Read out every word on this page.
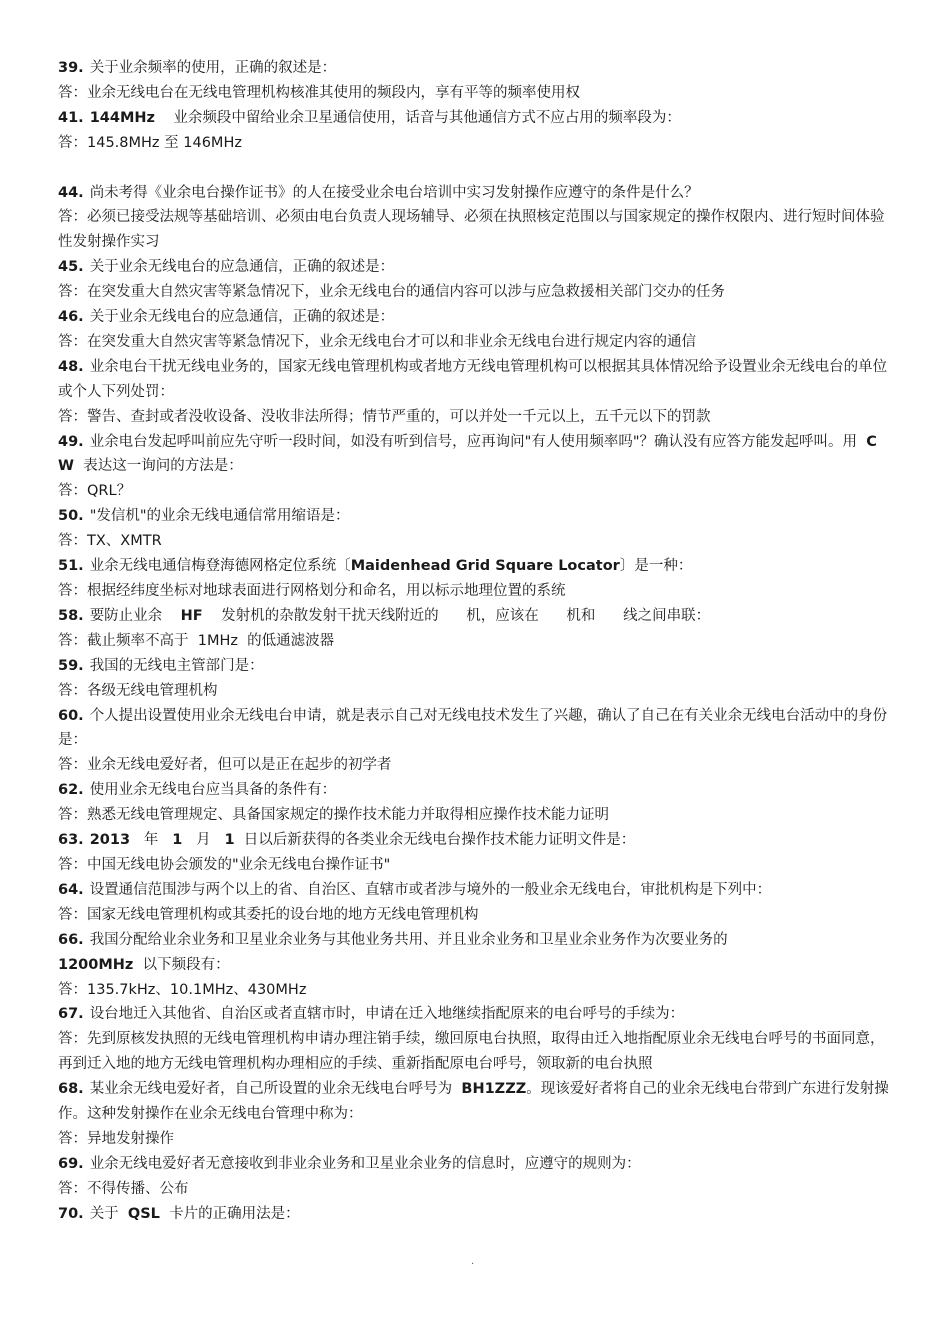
39. 关于业余频率的使用，正确的叙述是：
答：业余无线电台在无线电管理机构核准其使用的频段内，享有平等的频率使用权
41. 144MHz 业余频段中留给业余卫星通信使用，话音与其他通信方式不应占用的频率段为：
答：145.8MHz 至 146MHz
44. 尚未考得《业余电台操作证书》的人在接受业余电台培训中实习发射操作应遵守的条件是什么？
答：必须已接受法规等基础培训、必须由电台负责人现场辅导、必须在执照核定范围以与国家规定的操作权限内、进行短时间体验性发射操作实习
45. 关于业余无线电台的应急通信，正确的叙述是：
答：在突发重大自然灾害等紧急情况下，业余无线电台的通信内容可以涉与应急救援相关部门交办的任务
46. 关于业余无线电台的应急通信，正确的叙述是：
答：在突发重大自然灾害等紧急情况下，业余无线电台才可以和非业余无线电台进行规定内容的通信
48. 业余电台干扰无线电业务的，国家无线电管理机构或者地方无线电管理机构可以根据其具体情况给予设置业余无线电台的单位或个人下列处罚：
答：警告、查封或者没收设备、没收非法所得；情节严重的，可以并处一千元以上，五千元以下的罚款
49. 业余电台发起呼叫前应先守听一段时间，如没有听到信号，应再询问"有人使用频率吗"？确认没有应答方能发起呼叫。用 CW 表达这一询问的方法是：
答：QRL？
50. "发信机"的业余无线电通信常用缩语是：
答：TX、XMTR
51. 业余无线电通信梅登海德网格定位系统〔Maidenhead Grid Square Locator〕是一种：
答：根据经纬度坐标对地球表面进行网格划分和命名，用以标示地理位置的系统
58. 要防止业余 HF 发射机的杂散发射干扰天线附近的      机，应该在      机和      线之间串联：
答：截止频率不高于  1MHz  的低通滤波器
59. 我国的无线电主管部门是：
答：各级无线电管理机构
60. 个人提出设置使用业余无线电台申请，就是表示自己对无线电技术发生了兴趣，确认了自己在有关业余无线电台活动中的身份是：
答：业余无线电爱好者，但可以是正在起步的初学者
62. 使用业余无线电台应当具备的条件有：
答：熟悉无线电管理规定、具备国家规定的操作技术能力并取得相应操作技术能力证明
63. 2013 年 1 月 1 日以后新获得的各类业余无线电台操作技术能力证明文件是：
答：中国无线电协会颁发的"业余无线电台操作证书"
64. 设置通信范围涉与两个以上的省、自治区、直辖市或者涉与境外的一般业余无线电台，审批机构是下列中：
答：国家无线电管理机构或其委托的设台地的地方无线电管理机构
66. 我国分配给业余业务和卫星业余业务与其他业务共用、并且业余业务和卫星业余业务作为次要业务的
1200MHz 以下频段有：
答：135.7kHz、10.1MHz、430MHz
67. 设台地迁入其他省、自治区或者直辖市时，申请在迁入地继续指配原来的电台呼号的手续为：
答：先到原核发执照的无线电管理机构申请办理注销手续，缴回原电台执照，取得由迁入地指配原业余无线电台呼号的书面同意，再到迁入地的地方无线电管理机构办理相应的手续、重新指配原电台呼号，领取新的电台执照
68. 某业余无线电爱好者，自己所设置的业余无线电台呼号为 BH1ZZZ。现该爱好者将自己的业余无线电台带到广东进行发射操作。这种发射操作在业余无线电台管理中称为：
答：异地发射操作
69. 业余无线电爱好者无意接收到非业余业务和卫星业余业务的信息时，应遵守的规则为：
答：不得传播、公布
70. 关于 QSL 卡片的正确用法是：
.
